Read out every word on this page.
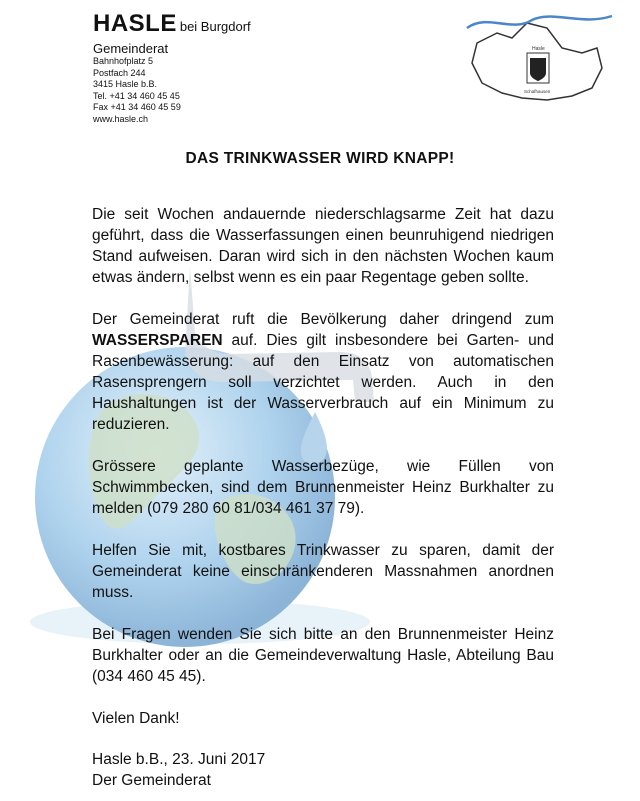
HASLE bei Burgdorf
Gemeinderat
Bahnhofplatz 5
Postfach 244
3415 Hasle b.B.
Tel. +41 34 460 45 45
Fax +41 34 460 45 59
www.hasle.ch
Hasle
Schafhausen
DAS TRINKWASSER WIRD KNAPP!

Die seit Wochen andauernde niederschlagsarme Zeit hat dazu geführt, dass die Wasserfassungen einen beunruhigend niedrigen Stand aufweisen. Daran wird sich in den nächsten Wochen kaum etwas ändern, selbst wenn es ein paar Regentage geben sollte.

Der Gemeinderat ruft die Bevölkerung daher dringend zum WASSERSPAREN auf. Dies gilt insbesondere bei Garten- und Rasenbewässerung: auf den Einsatz von automatischen Rasensprengern soll verzichtet werden. Auch in den Haushaltungen ist der Wasserverbrauch auf ein Minimum zu reduzieren.

Grössere geplante Wasserbezüge, wie Füllen von Schwimmbecken, sind dem Brunnenmeister Heinz Burkhalter zu melden (079 280 60 81/034 461 37 79).

Helfen Sie mit, kostbares Trinkwasser zu sparen, damit der Gemeinderat keine einschränkenderen Massnahmen anordnen muss.

Bei Fragen wenden Sie sich bitte an den Brunnenmeister Heinz Burkhalter oder an die Gemeindeverwaltung Hasle, Abteilung Bau (034 460 45 45).

Vielen Dank!

Hasle b.B., 23. Juni 2017
Der Gemeinderat
